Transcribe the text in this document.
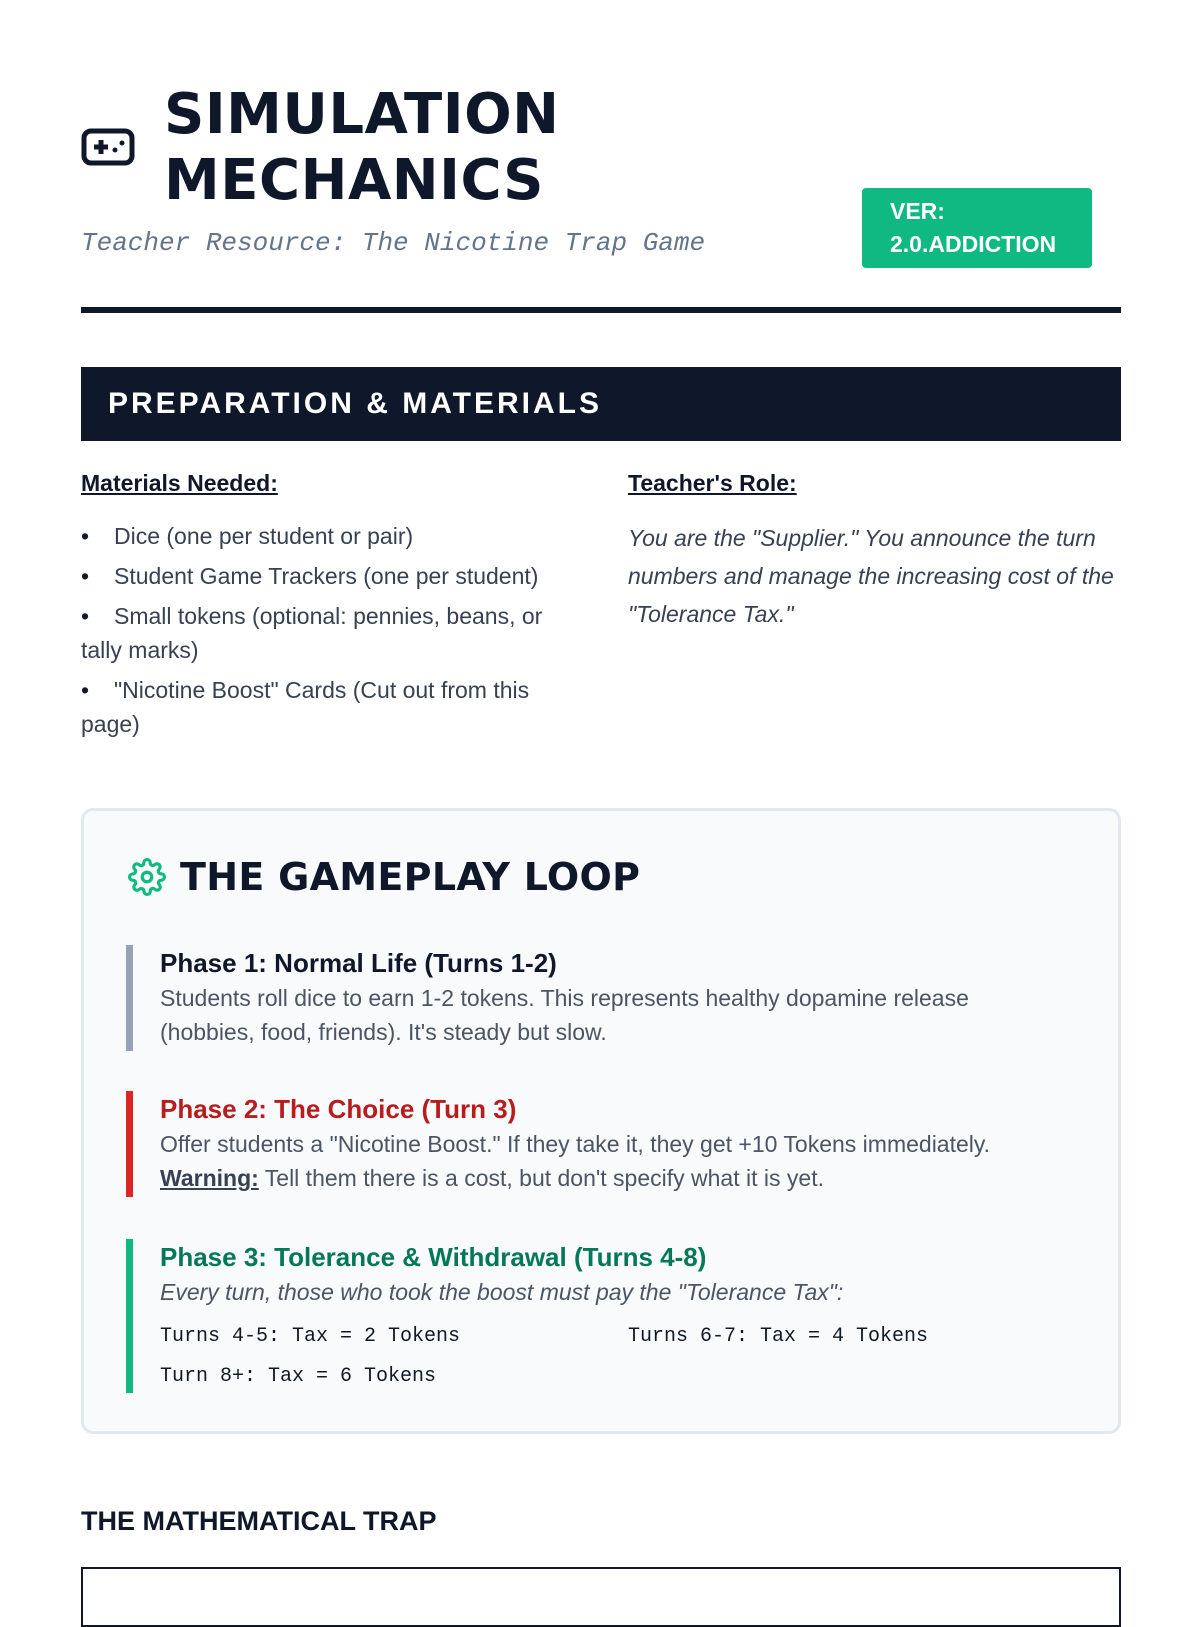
SIMULATION
MECHANICS

Teacher Resource: The Nicotine Trap Game

VER:
2.0.ADDICTION
PREPARATION & MATERIALS
Materials Needed:
• Dice (one per student or pair)
• Student Game Trackers (one per student)
• Small tokens (optional: pennies, beans, or tally marks)
• "Nicotine Boost" Cards (Cut out from this page)
Teacher's Role:

You are the "Supplier." You announce the turn numbers and manage the increasing cost of the "Tolerance Tax."

THE GAMEPLAY LOOP
Phase 1: Normal Life (Turns 1-2)

Students roll dice to earn 1-2 tokens. This represents healthy dopamine release (hobbies, food, friends). It's steady but slow.

Phase 2: The Choice (Turn 3)

Offer students a "Nicotine Boost." If they take it, they get +10 Tokens immediately.
Warning: Tell them there is a cost, but don't specify what it is yet.

Phase 3: Tolerance & Withdrawal (Turns 4-8)

Every turn, those who took the boost must pay the "Tolerance Tax":

Turns 4-5: Tax = 2 Tokens	Turns 6-7: Tax = 4 Tokens
Turn 8+: Tax = 6 Tokens
THE MATHEMATICAL TRAP
